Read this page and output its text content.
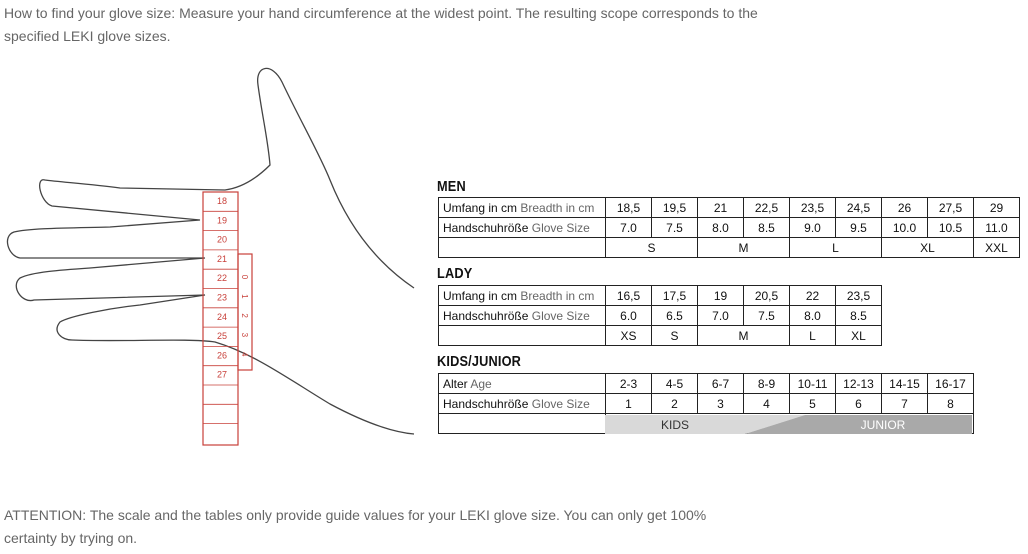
How to find your glove size: Measure your hand circumference at the widest point. The resulting scope corresponds to the specified LEKI glove sizes.
18
19
20
21
22
23
24
25
26
27
0
1
2
3
4
MEN
Umfang in cm Breadth in cm	18,5	19,5	21	22,5	23,5	24,5	26	27,5	29
Handschuhröße Glove Size	7.0	7.5	8.0	8.5	9.0	9.5	10.0	10.5	11.0
	S		M		L		XL		XXL
LADY
Umfang in cm Breadth in cm	16,5	17,5	19	20,5	22	23,5
Handschuhröße Glove Size	6.0	6.5	7.0	7.5	8.0	8.5
	XS	S	M		L	XL
KIDS/JUNIOR
Alter Age	2-3	4-5	6-7	8-9	10-11	12-13	14-15	16-17
Handschuhröße Glove Size	1	2	3	4	5	6	7	8

KIDS	JUNIOR
ATTENTION: The scale and the tables only provide guide values for your LEKI glove size. You can only get 100% certainty by trying on.
